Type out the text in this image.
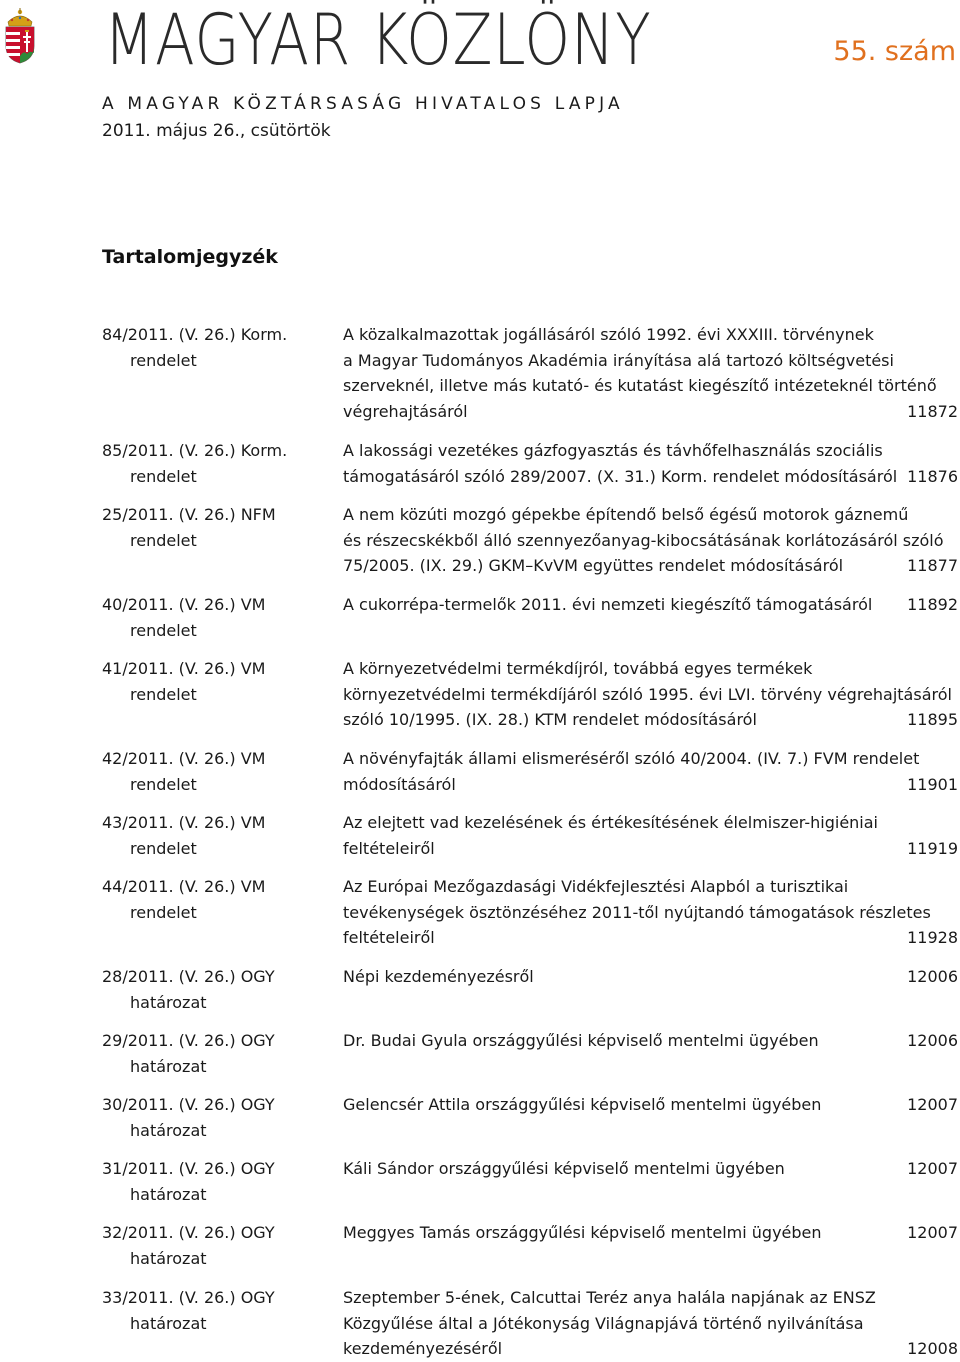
MAGYAR KÖZLÖNY	55. szám
A MAGYAR KÖZTÁRSASÁG HIVATALOS LAPJA
2011. május 26., csütörtök
Tartalomjegyzék
84/2011. (V. 26.) Korm.
rendelet
A közalkalmazottak jogállásáról szóló 1992. évi XXXIII. törvénynek
a Magyar Tudományos Akadémia irányítása alá tartozó költségvetési
szerveknél, illetve más kutató- és kutatást kiegészítő intézeteknél történő
végrehajtásáról	11872
85/2011. (V. 26.) Korm.
rendelet
A lakossági vezetékes gázfogyasztás és távhőfelhasználás szociális
támogatásáról szóló 289/2007. (X. 31.) Korm. rendelet módosításáról 11876
25/2011. (V. 26.) NFM
rendelet
A nem közúti mozgó gépekbe építendő belső égésű motorok gáznemű
és részecskékből álló szennyezőanyag-kibocsátásának korlátozásáról szóló
75/2005. (IX. 29.) GKM–KvVM együttes rendelet módosításáról	11877
40/2011. (V. 26.) VM
rendelet
A cukorrépa-termelők 2011. évi nemzeti kiegészítő támogatásáról	11892
41/2011. (V. 26.) VM
rendelet
A környezetvédelmi termékdíjról, továbbá egyes termékek
környezetvédelmi termékdíjáról szóló 1995. évi LVI. törvény végrehajtásáról
szóló 10/1995. (IX. 28.) KTM rendelet módosításáról	11895
42/2011. (V. 26.) VM
rendelet
A növényfajták állami elismeréséről szóló 40/2004. (IV. 7.) FVM rendelet
módosításáról	11901
43/2011. (V. 26.) VM
rendelet
Az elejtett vad kezelésének és értékesítésének élelmiszer-higiéniai
feltételeiről	11919
44/2011. (V. 26.) VM
rendelet
Az Európai Mezőgazdasági Vidékfejlesztési Alapból a turisztikai
tevékenységek ösztönzéséhez 2011-től nyújtandó támogatások részletes
feltételeiről	11928
28/2011. (V. 26.) OGY
határozat
Népi kezdeményezésről	12006
29/2011. (V. 26.) OGY
határozat
Dr. Budai Gyula országgyűlési képviselő mentelmi ügyében	12006
30/2011. (V. 26.) OGY
határozat
Gelencsér Attila országgyűlési képviselő mentelmi ügyében	12007
31/2011. (V. 26.) OGY
határozat
Káli Sándor országgyűlési képviselő mentelmi ügyében	12007
32/2011. (V. 26.) OGY
határozat
Meggyes Tamás országgyűlési képviselő mentelmi ügyében	12007
33/2011. (V. 26.) OGY
határozat
Szeptember 5-ének, Calcuttai Teréz anya halála napjának az ENSZ
Közgyűlése által a Jótékonyság Világnapjává történő nyilvánítása
kezdeményezéséről	12008
